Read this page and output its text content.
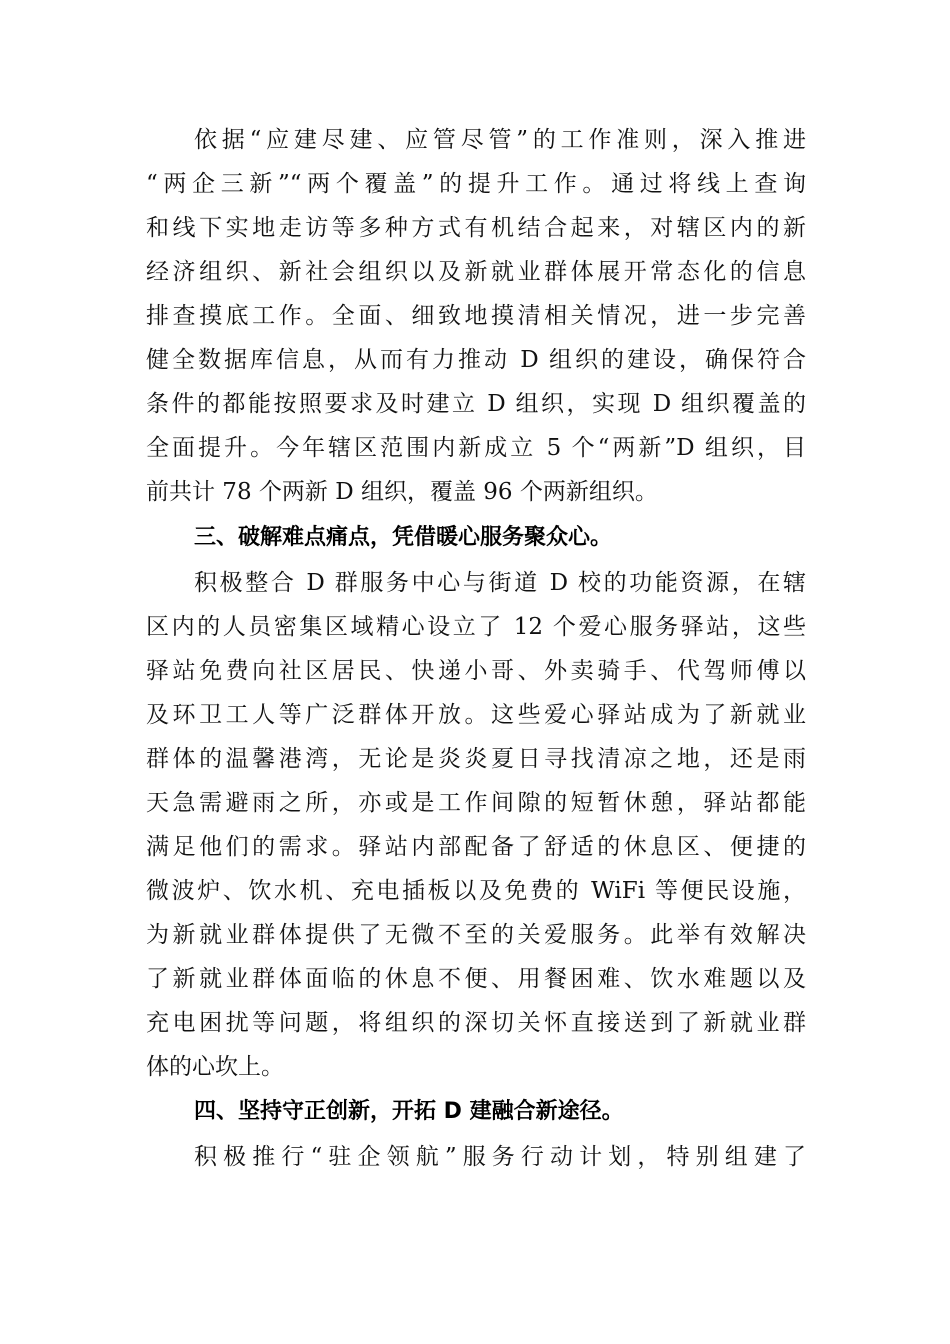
依据“应建尽建、应管尽管”的工作准则，深入推进
“两企三新”“两个覆盖”的提升工作。通过将线上查询
和线下实地走访等多种方式有机结合起来，对辖区内的新
经济组织、新社会组织以及新就业群体展开常态化的信息
排查摸底工作。全面、细致地摸清相关情况，进一步完善
健全数据库信息，从而有力推动 D 组织的建设，确保符合
条件的都能按照要求及时建立 D 组织，实现 D 组织覆盖的
全面提升。今年辖区范围内新成立 5 个“两新”D 组织，目
前共计 78 个两新 D 组织，覆盖 96 个两新组织。
三、破解难点痛点，凭借暖心服务聚众心。
积极整合 D 群服务中心与街道 D 校的功能资源，在辖
区内的人员密集区域精心设立了 12 个爱心服务驿站，这些
驿站免费向社区居民、快递小哥、外卖骑手、代驾师傅以
及环卫工人等广泛群体开放。这些爱心驿站成为了新就业
群体的温馨港湾，无论是炎炎夏日寻找清凉之地，还是雨
天急需避雨之所，亦或是工作间隙的短暂休憩，驿站都能
满足他们的需求。驿站内部配备了舒适的休息区、便捷的
微波炉、饮水机、充电插板以及免费的 WiFi 等便民设施，
为新就业群体提供了无微不至的关爱服务。此举有效解决
了新就业群体面临的休息不便、用餐困难、饮水难题以及
充电困扰等问题，将组织的深切关怀直接送到了新就业群
体的心坎上。
四、坚持守正创新，开拓 D 建融合新途径。
积极推行“驻企领航”服务行动计划，特别组建了
